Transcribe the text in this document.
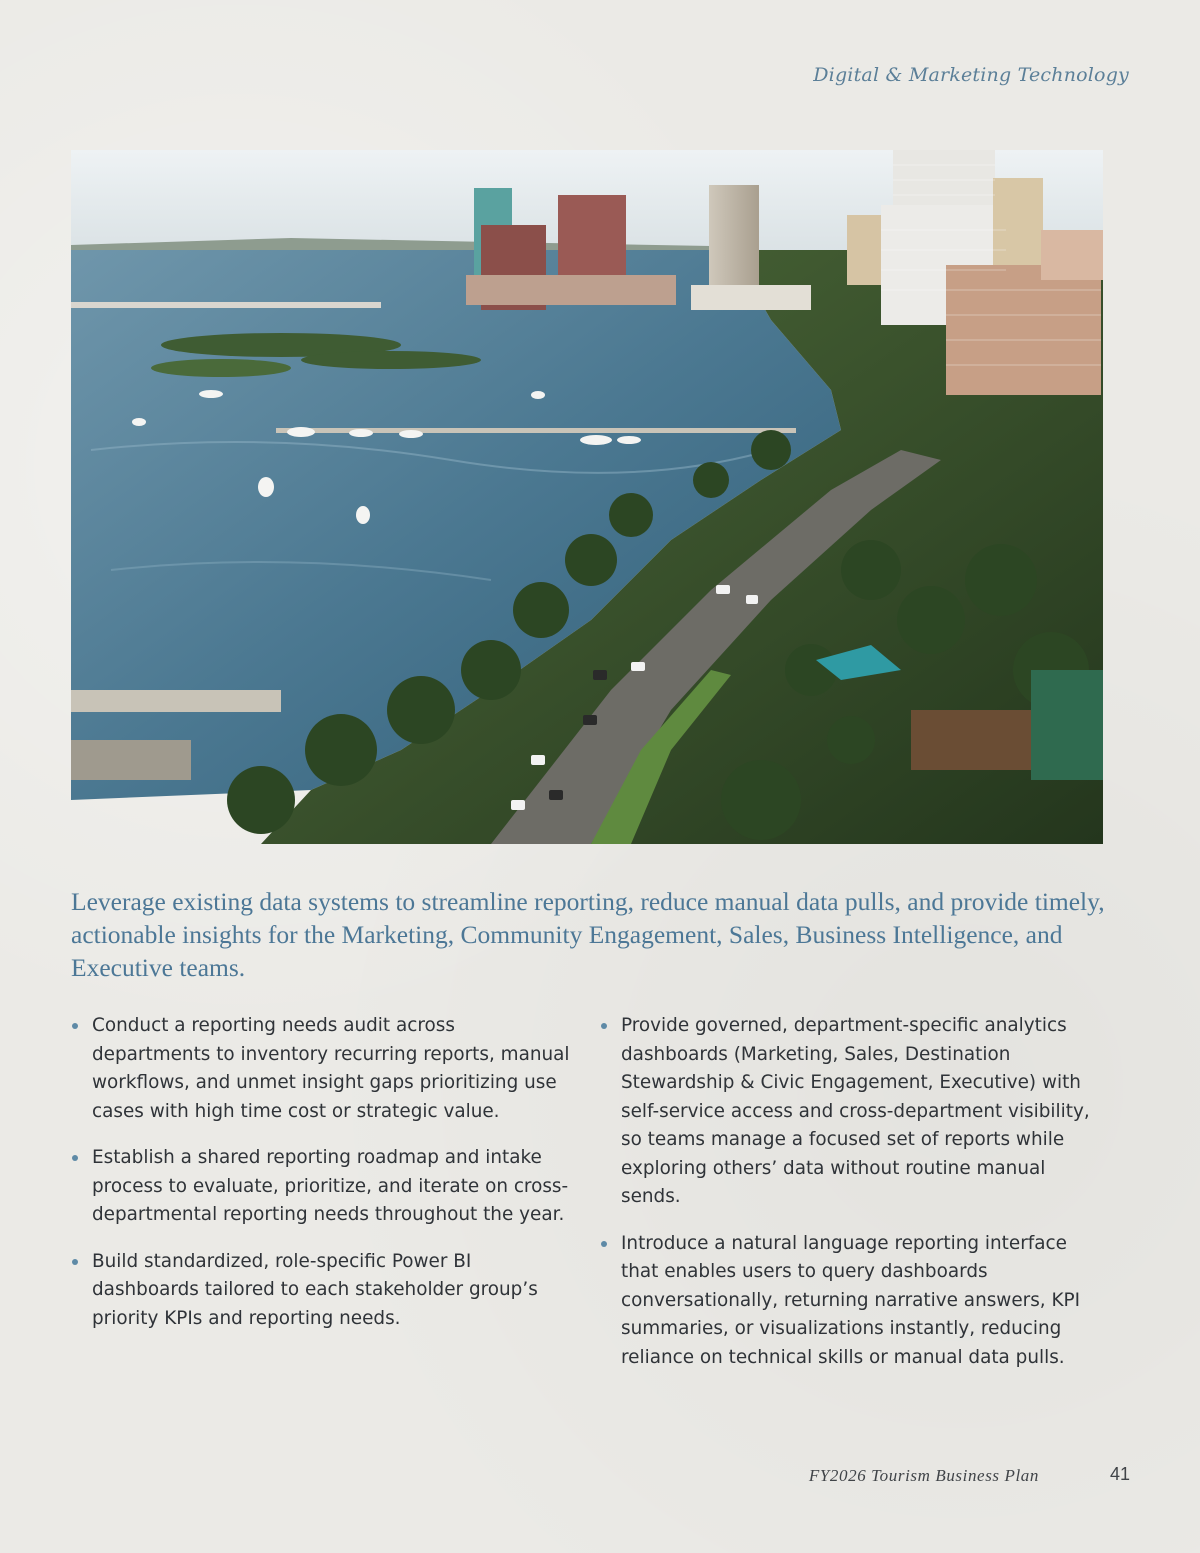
Digital & Marketing Technology

Leverage existing data systems to streamline reporting, reduce manual data pulls, and provide timely, actionable insights for the Marketing, Community Engagement, Sales, Business Intelligence, and Executive teams.

Conduct a reporting needs audit across departments to inventory recurring reports, manual workflows, and unmet insight gaps prioritizing use cases with high time cost or strategic value.
Establish a shared reporting roadmap and intake process to evaluate, prioritize, and iterate on cross-departmental reporting needs throughout the year.
Build standardized, role-specific Power BI dashboards tailored to each stakeholder group’s priority KPIs and reporting needs.
Provide governed, department-specific analytics dashboards (Marketing, Sales, Destination Stewardship & Civic Engagement, Executive) with self-service access and cross-department visibility, so teams manage a focused set of reports while exploring others’ data without routine manual sends.
Introduce a natural language reporting interface that enables users to query dashboards conversationally, returning narrative answers, KPI summaries, or visualizations instantly, reducing reliance on technical skills or manual data pulls.
FY2026 Tourism Business Plan	41
